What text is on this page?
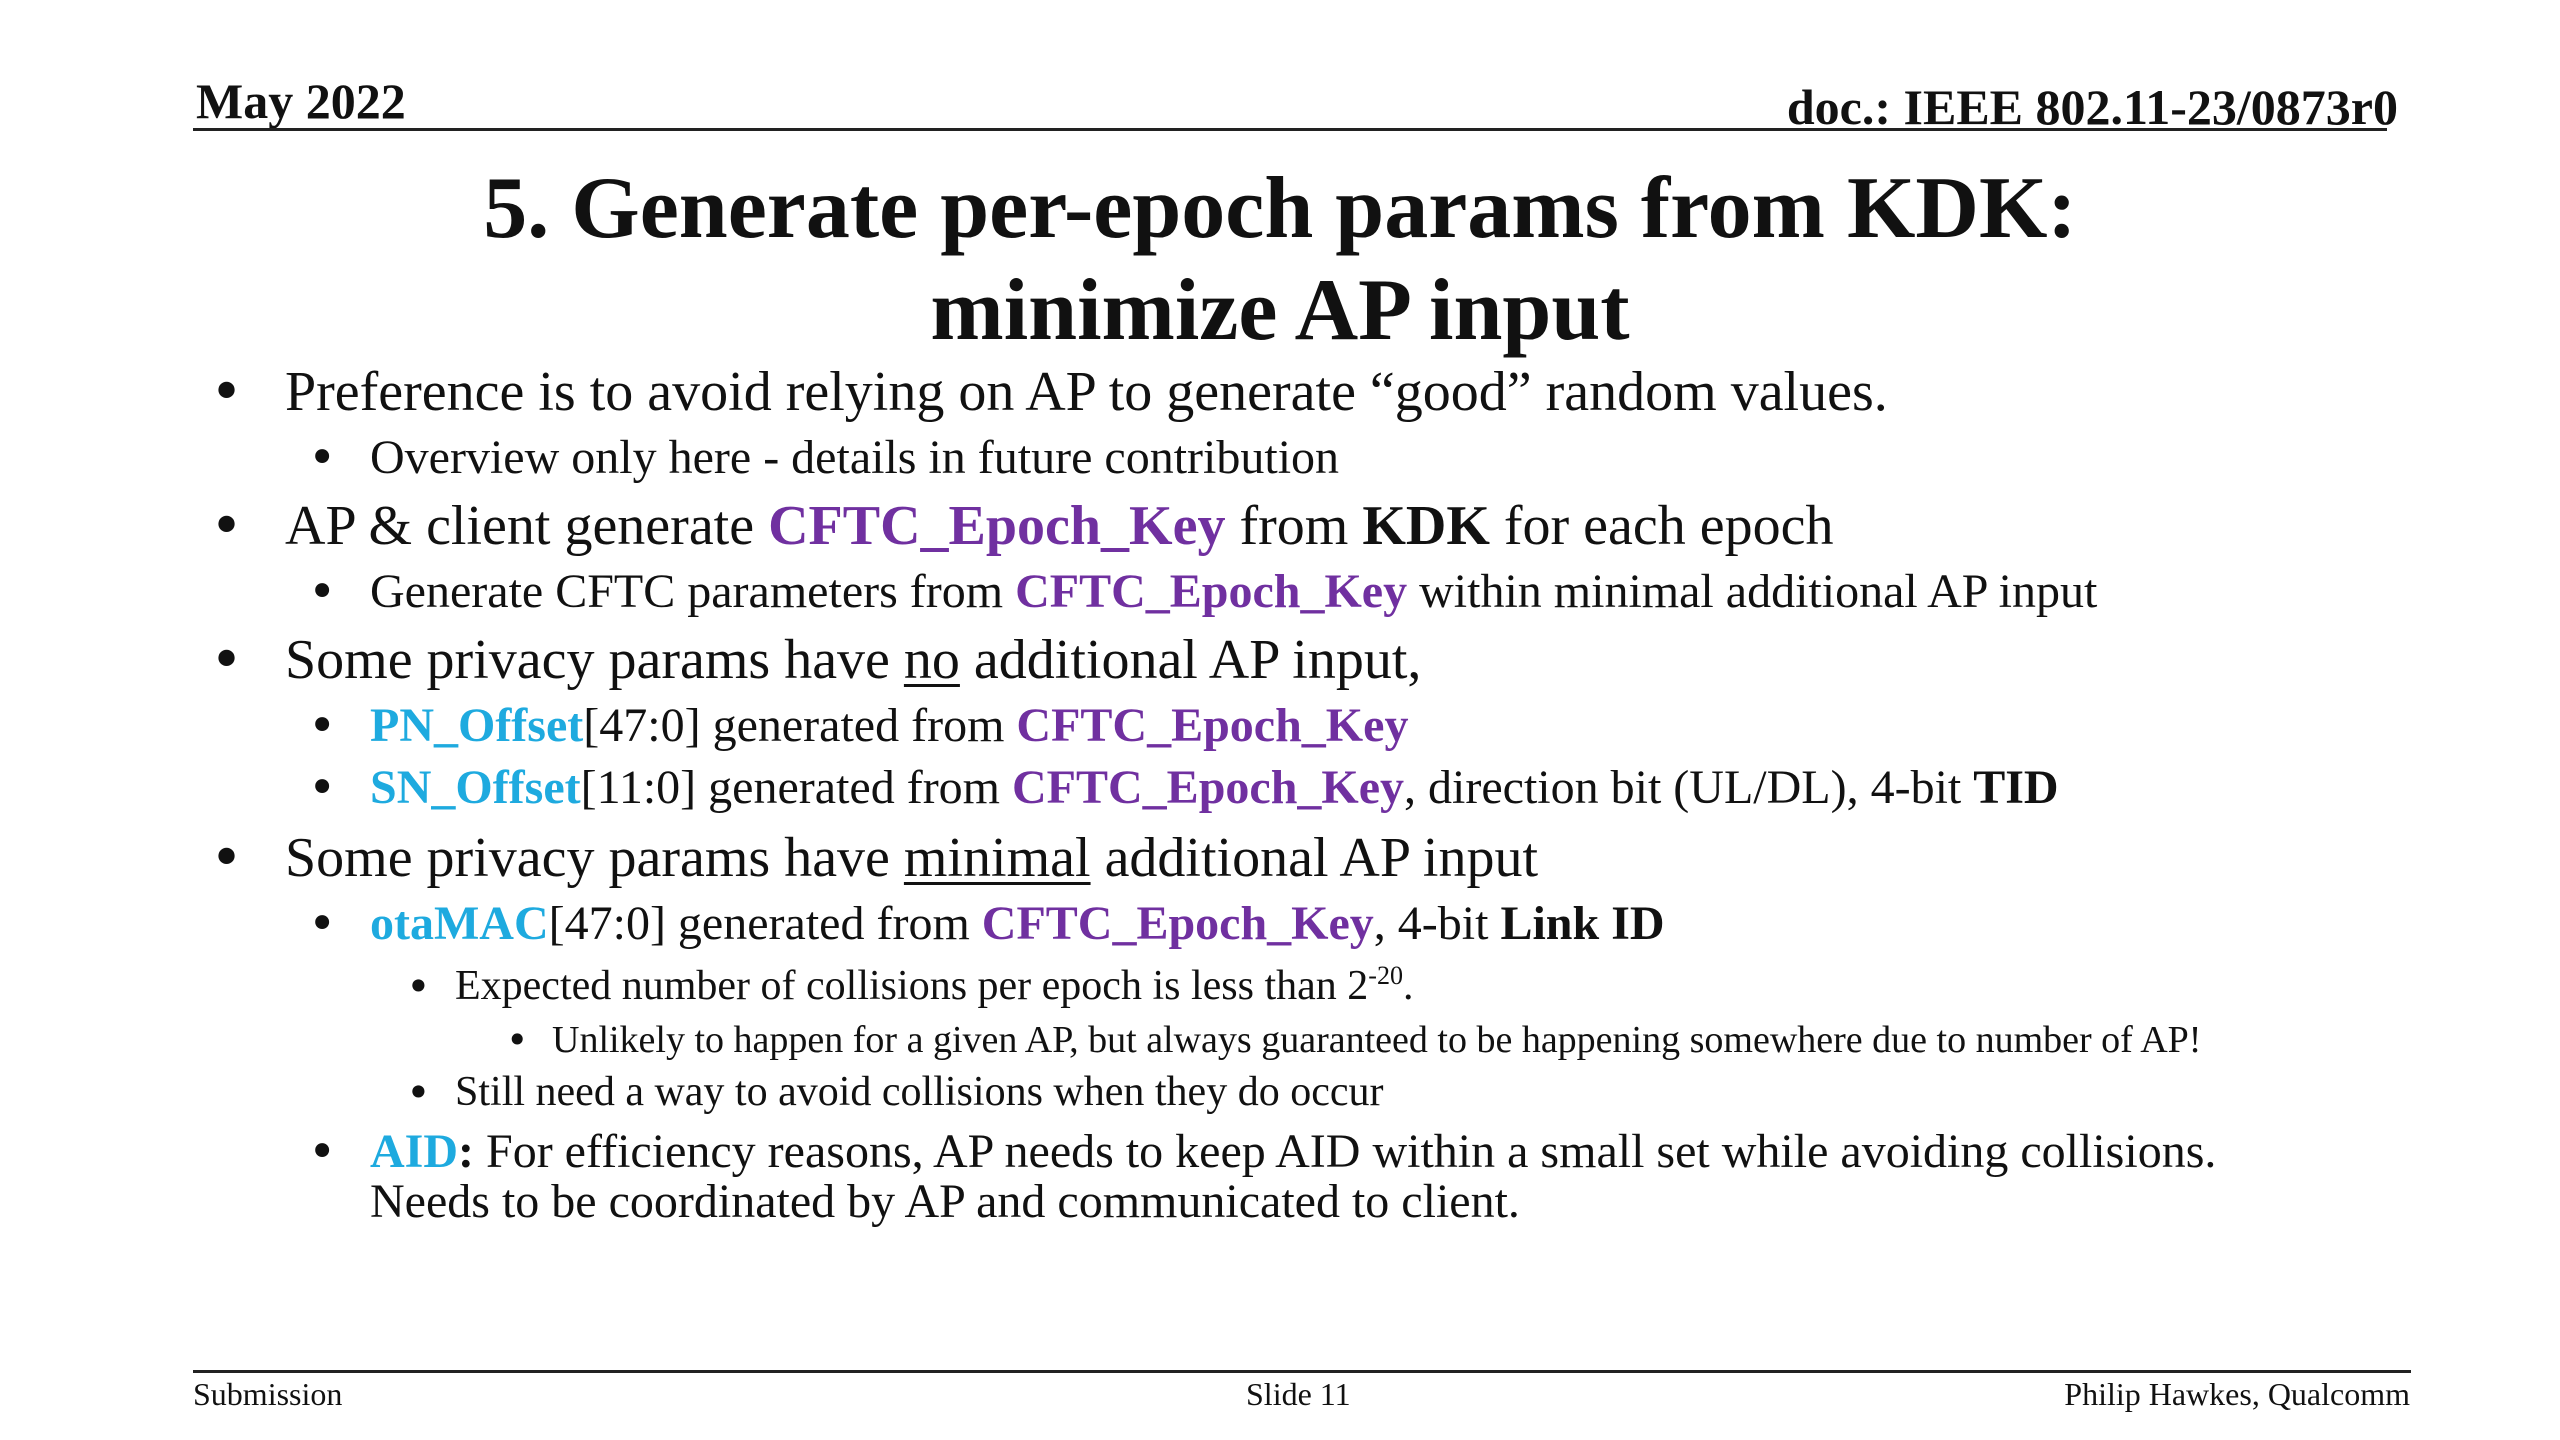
May 2022	doc.: IEEE 802.11-23/0873r0
5. Generate per-epoch params from KDK:
minimize AP input
• Preference is to avoid relying on AP to generate “good” random values.
• Overview only here - details in future contribution
• AP & client generate CFTC_Epoch_Key from KDK for each epoch
• Generate CFTC parameters from CFTC_Epoch_Key within minimal additional AP input
• Some privacy params have no additional AP input,
• PN_Offset[47:0] generated from CFTC_Epoch_Key
• SN_Offset[11:0] generated from CFTC_Epoch_Key, direction bit (UL/DL), 4-bit TID
• Some privacy params have minimal additional AP input
• otaMAC[47:0] generated from CFTC_Epoch_Key, 4-bit Link ID
• Expected number of collisions per epoch is less than $2^{-20}$.
• Unlikely to happen for a given AP, but always guaranteed to be happening somewhere due to number of AP!
• Still need a way to avoid collisions when they do occur
• AID: For efficiency reasons, AP needs to keep AID within a small set while avoiding collisions.
Needs to be coordinated by AP and communicated to client.
Submission	Slide 11	Philip Hawkes, Qualcomm
